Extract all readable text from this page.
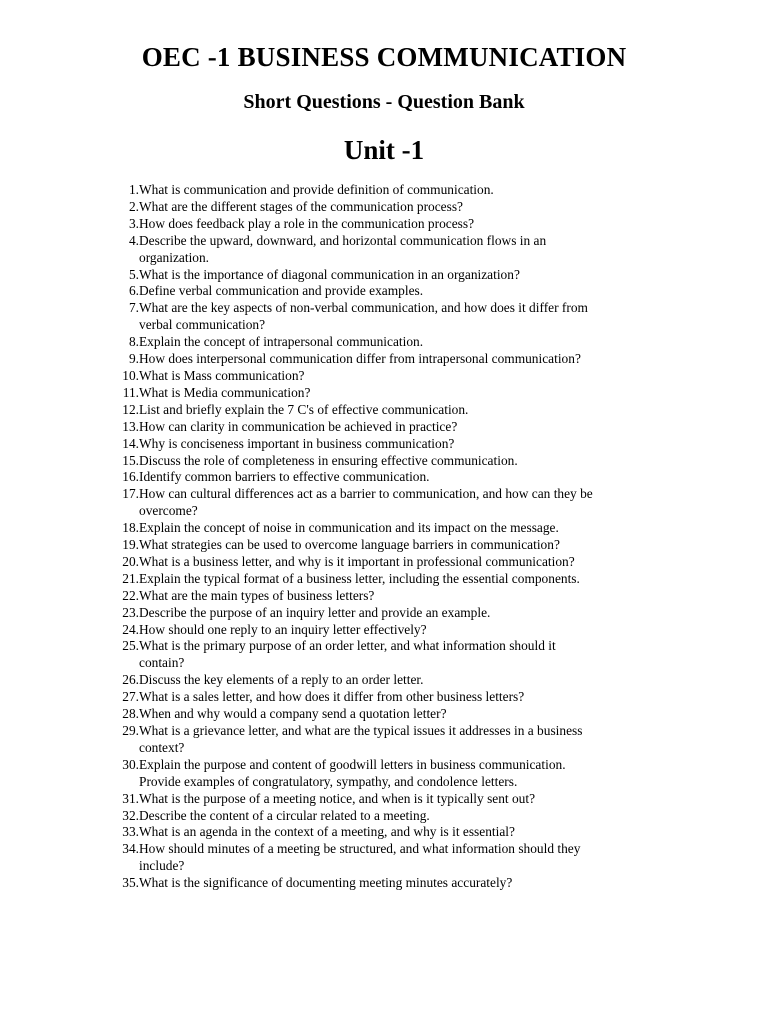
OEC -1 BUSINESS COMMUNICATION
Short Questions - Question Bank
Unit -1
1. What is communication and provide definition of communication.
2. What are the different stages of the communication process?
3. How does feedback play a role in the communication process?
4. Describe the upward, downward, and horizontal communication flows in an
organization.
5. What is the importance of diagonal communication in an organization?
6. Define verbal communication and provide examples.
7. What are the key aspects of non-verbal communication, and how does it differ from
verbal communication?
8. Explain the concept of intrapersonal communication.
9. How does interpersonal communication differ from intrapersonal communication?
10. What is Mass communication?
11. What is Media communication?
12. List and briefly explain the 7 C's of effective communication.
13. How can clarity in communication be achieved in practice?
14. Why is conciseness important in business communication?
15. Discuss the role of completeness in ensuring effective communication.
16. Identify common barriers to effective communication.
17. How can cultural differences act as a barrier to communication, and how can they be
overcome?
18. Explain the concept of noise in communication and its impact on the message.
19. What strategies can be used to overcome language barriers in communication?
20. What is a business letter, and why is it important in professional communication?
21. Explain the typical format of a business letter, including the essential components.
22. What are the main types of business letters?
23. Describe the purpose of an inquiry letter and provide an example.
24. How should one reply to an inquiry letter effectively?
25. What is the primary purpose of an order letter, and what information should it
contain?
26. Discuss the key elements of a reply to an order letter.
27. What is a sales letter, and how does it differ from other business letters?
28. When and why would a company send a quotation letter?
29. What is a grievance letter, and what are the typical issues it addresses in a business
context?
30. Explain the purpose and content of goodwill letters in business communication.
Provide examples of congratulatory, sympathy, and condolence letters.
31. What is the purpose of a meeting notice, and when is it typically sent out?
32. Describe the content of a circular related to a meeting.
33. What is an agenda in the context of a meeting, and why is it essential?
34. How should minutes of a meeting be structured, and what information should they
include?
35. What is the significance of documenting meeting minutes accurately?
